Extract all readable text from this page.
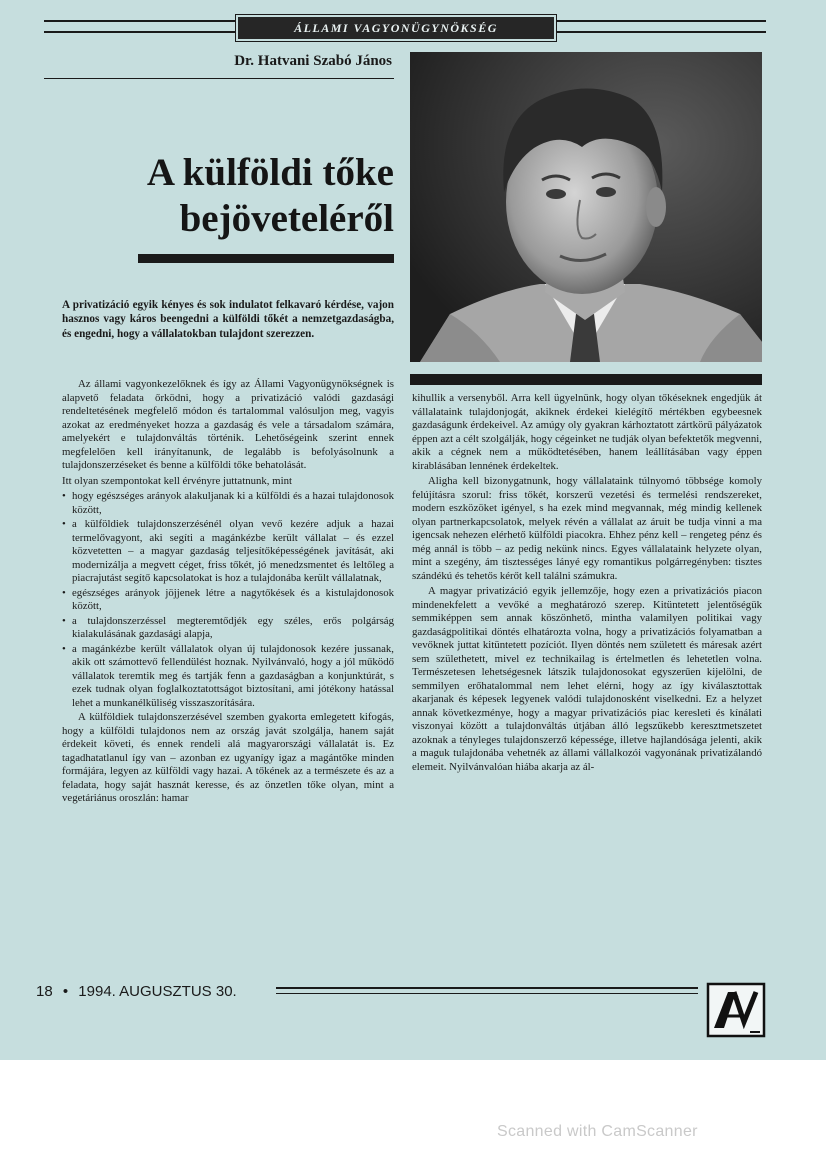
ÁLLAMI VAGYONÜGYNÖKSÉG
Dr. Hatvani Szabó János
A külföldi tőke
bejöveteléről

A privatizáció egyik kényes és sok indulatot felkavaró kérdése, vajon hasznos vagy káros beengedni a külföldi tőkét a nemzetgazdaságba, és engedni, hogy a vállalatokban tulajdont szerezzen.

Az állami vagyonkezelőknek és így az Állami Vagyonügynökségnek is alapvető feladata őrködni, hogy a privatizáció valódi gazdasági rendeltetésének megfelelő módon és tartalommal valósuljon meg, vagyis azokat az eredményeket hozza a gazdaság és vele a társadalom számára, amelyekért e tulajdonváltás történik. Lehetőségeink szerint ennek megfelelően kell irányítanunk, de legalább is befolyásolnunk a tulajdonszerzéseket és benne a külföldi tőke behatolását.

Itt olyan szempontokat kell érvényre juttatnunk, mint

• hogy egészséges arányok alakuljanak ki a külföldi és a hazai tulajdonosok között,
• a külföldiek tulajdonszerzésénél olyan vevő kezére adjuk a hazai termelővagyont, aki segíti a magánkézbe került vállalat – és ezzel közvetetten – a magyar gazdaság teljesítőképességének javítását, aki modernizálja a megvett céget, friss tőkét, jó menedzsmentet és leltőleg a piacrajutást segítő kapcsolatokat is hoz a tulajdonába került vállalatnak,
• egészséges arányok jöjjenek létre a nagytőkések és a kistulajdonosok között,
• a tulajdonszerzéssel megteremtődjék egy széles, erős polgárság kialakulásának gazdasági alapja,
• a magánkézbe került vállalatok olyan új tulajdonosok kezére jussanak, akik ott számottevő fellendülést hoznak. Nyilvánvaló, hogy a jól működő vállalatok teremtik meg és tartják fenn a gazdaságban a konjunktúrát, s ezek tudnak olyan foglalkoztatottságot biztosítani, ami jótékony hatással lehet a munkanélküliség visszaszorítására.

A külföldiek tulajdonszerzésével szemben gyakorta emlegetett kifogás, hogy a külföldi tulajdonos nem az ország javát szolgálja, hanem saját érdekeit követi, és ennek rendeli alá magyarországi vállalatát is. Ez tagadhatatlanul így van – azonban ez ugyanígy igaz a magántőke minden formájára, legyen az külföldi vagy hazai. A tőkének az a természete és az a feladata, hogy saját hasznát keresse, és az önzetlen tőke olyan, mint a vegetáriánus oroszlán: hamar

kihullik a versenyből. Arra kell ügyelnünk, hogy olyan tőkéseknek engedjük át vállalataink tulajdonjogát, akiknek érdekei kielégítő mértékben egybeesnek gazdaságunk érdekeivel. Az amúgy oly gyakran kárhoztatott zártkörű pályázatok éppen azt a célt szolgálják, hogy cégeinket ne tudják olyan befektetők megvenni, akik a cégnek nem a működtetésében, hanem leállításában vagy éppen kirablásában lennének érdekeltek.

Aligha kell bizonygatnunk, hogy vállalataink túlnyomó többsége komoly felújításra szorul: friss tőkét, korszerű vezetési és termelési rendszereket, modern eszközöket igényel, s ha ezek mind megvannak, még mindig kellenek olyan partnerkapcsolatok, melyek révén a vállalat az áruit be tudja vinni a ma igencsak nehezen elérhető külföldi piacokra. Ehhez pénz kell – rengeteg pénz és még annál is több – az pedig nekünk nincs. Egyes vállalataink helyzete olyan, mint a szegény, ám tisztességes lányé egy romantikus polgárregényben: tisztes szándékú és tehetős kérőt kell találni számukra.

A magyar privatizáció egyik jellemzője, hogy ezen a privatizációs piacon mindenekfelett a vevőké a meghatározó szerep. Kitüntetett jelentőségük semmiképpen sem annak köszönhető, mintha valamilyen politikai vagy gazdaságpolitikai döntés elhatározta volna, hogy a privatizációs folyamatban a vevőknek juttat kitüntetett pozíciót. Ilyen döntés nem született és máresak azért sem születhetett, mivel ez technikailag is értelmetlen és lehetetlen volna. Természetesen lehetségesnek látszik tulajdonosokat egyszerűen kijelölni, de semmilyen erőhatalommal nem lehet elérni, hogy az így kiválasztottak akarjanak és képesek legyenek valódi tulajdonosként viselkedni. Ez a helyzet annak következménye, hogy a magyar privatizációs piac keresleti és kínálati viszonyai között a tulajdonváltás útjában álló legszűkebb keresztmetszetet azoknak a tényleges tulajdonszerző képessége, illetve hajlandósága jelenti, akik a maguk tulajdonába vehetnék az állami vállalkozói vagyonának privatizálandó elemeit. Nyilvánvalóan hiába akarja az ál-

18 • 1994. AUGUSZTUS 30.
Scanned with CamScanner
